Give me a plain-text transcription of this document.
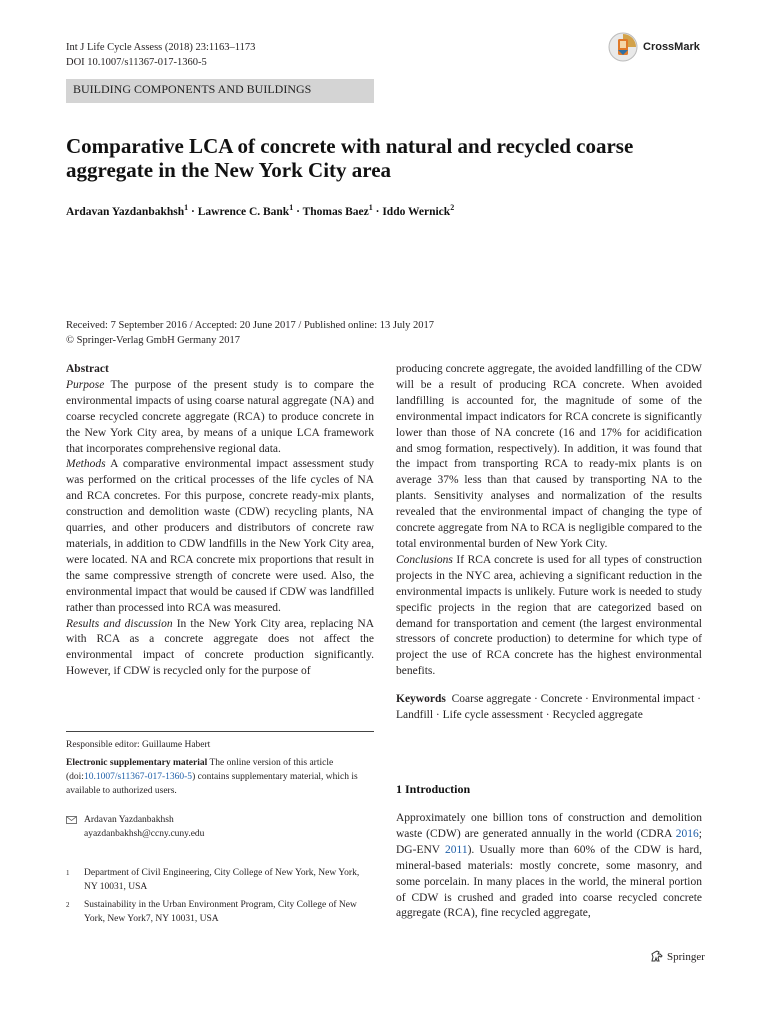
Int J Life Cycle Assess (2018) 23:1163–1173
DOI 10.1007/s11367-017-1360-5
CrossMark
BUILDING COMPONENTS AND BUILDINGS
Comparative LCA of concrete with natural and recycled coarse aggregate in the New York City area
Ardavan Yazdanbakhsh$^1$ · Lawrence C. Bank$^1$ · Thomas Baez$^1$ · Iddo Wernick$^2$
Received: 7 September 2016 / Accepted: 20 June 2017 / Published online: 13 July 2017
© Springer-Verlag GmbH Germany 2017

Abstract

Purpose The purpose of the present study is to compare the environmental impacts of using coarse natural aggregate (NA) and coarse recycled concrete aggregate (RCA) to produce concrete in the New York City area, by means of a unique LCA framework that incorporates comprehensive regional data.

Methods A comparative environmental impact assessment study was performed on the critical processes of the life cycles of NA and RCA concretes. For this purpose, concrete ready-mix plants, construction and demolition waste (CDW) recycling plants, NA quarries, and other producers and distributors of concrete raw materials, in addition to CDW landfills in the New York City area, were located. NA and RCA concrete mix proportions that result in the same compressive strength of concrete were used. Also, the environmental impact that would be caused if CDW was landfilled rather than processed into RCA was measured.

Results and discussion In the New York City area, replacing NA with RCA as a concrete aggregate does not affect the environmental impact of concrete production significantly. However, if CDW is recycled only for the purpose of

Responsible editor: Guillaume Habert
Electronic supplementary material The online version of this article (doi:10.1007/s11367-017-1360-5) contains supplementary material, which is available to authorized users.
Ardavan Yazdanbakhsh
ayazdanbakhsh@ccny.cuny.edu
1 Department of Civil Engineering, City College of New York, New York, NY 10031, USA
2 Sustainability in the Urban Environment Program, City College of New York, New York7, NY 10031, USA

producing concrete aggregate, the avoided landfilling of the CDW will be a result of producing RCA concrete. When avoided landfilling is accounted for, the magnitude of some of the environmental impact indicators for RCA concrete is significantly lower than those of NA concrete (16 and 17% for acidification and smog formation, respectively). In addition, it was found that the impact from transporting RCA to ready-mix plants is on average 37% less than that caused by transporting NA to the plants. Sensitivity analyses and normalization of the results revealed that the environmental impact of changing the type of concrete aggregate from NA to RCA is negligible compared to the total environmental burden of New York City.

Conclusions If RCA concrete is used for all types of construction projects in the NYC area, achieving a significant reduction in the environmental impacts is unlikely. Future work is needed to study specific projects in the region that are categorized based on demand for transportation and cement (the largest environmental stressors of concrete production) to determine for which type of project the use of RCA concrete has the highest environmental benefits.

Keywords Coarse aggregate · Concrete · Environmental impact · Landfill · Life cycle assessment · Recycled aggregate

1 Introduction

Approximately one billion tons of construction and demolition waste (CDW) are generated annually in the world (CDRA 2016; DG-ENV 2011). Usually more than 60% of the CDW is hard, mineral-based materials: mostly concrete, some masonry, and some porcelain. In many places in the world, the mineral portion of CDW is crushed and graded into coarse recycled concrete aggregate (RCA), fine recycled aggregate,

Springer
